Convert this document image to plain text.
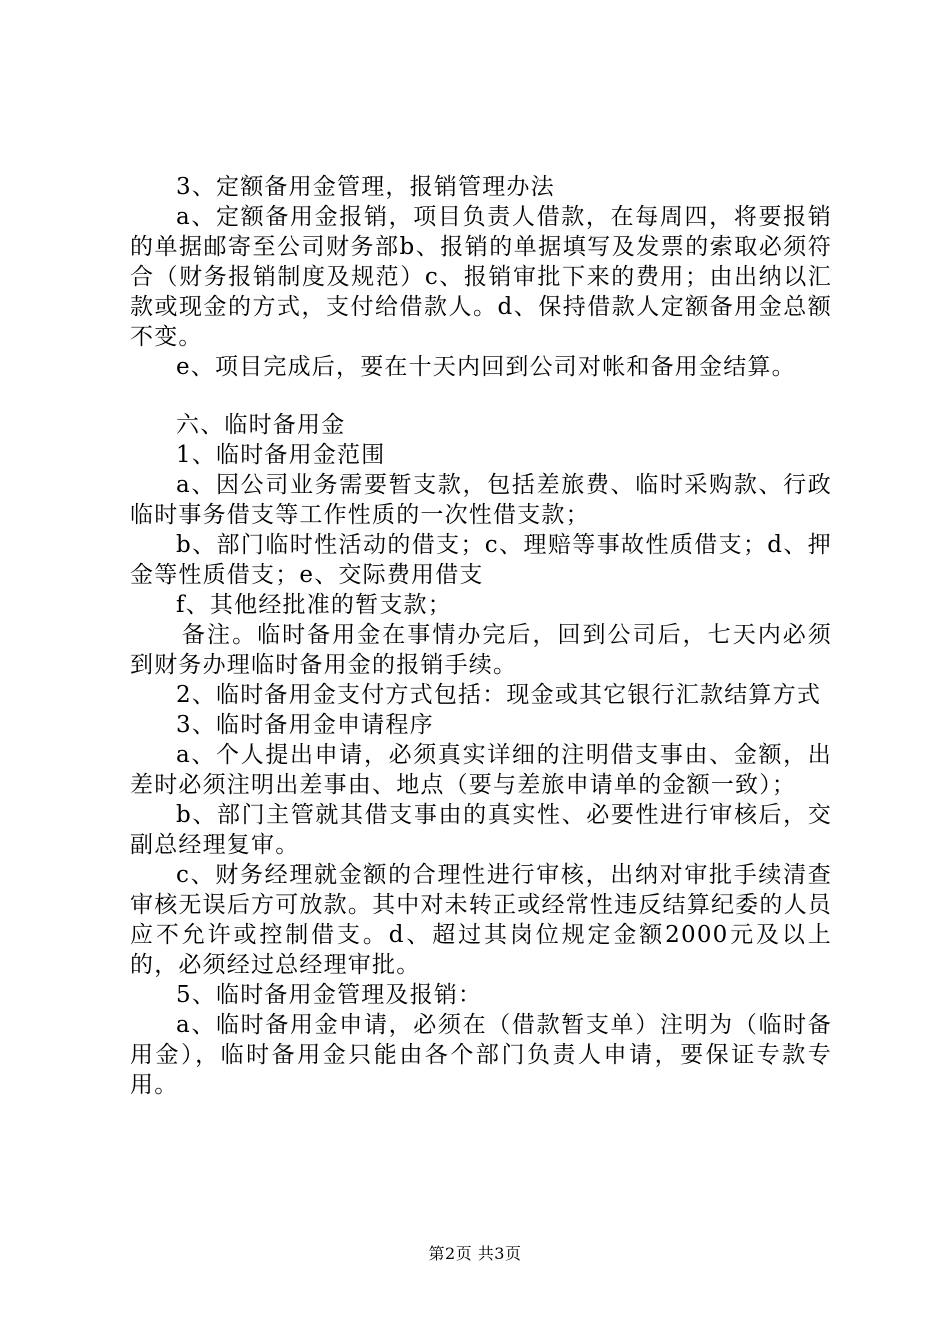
3、定额备用金管理，报销管理办法

a、定额备用金报销，项目负责人借款，在每周四，将要报销的单据邮寄至公司财务部b、报销的单据填写及发票的索取必须符合（财务报销制度及规范）c、报销审批下来的费用；由出纳以汇款或现金的方式，支付给借款人。d、保持借款人定额备用金总额不变。

e、项目完成后，要在十天内回到公司对帐和备用金结算。

六、临时备用金

1、临时备用金范围

a、因公司业务需要暂支款，包括差旅费、临时采购款、行政临时事务借支等工作性质的一次性借支款；

b、部门临时性活动的借支；c、理赔等事故性质借支；d、押金等性质借支；e、交际费用借支

f、其他经批准的暂支款；

备注。临时备用金在事情办完后，回到公司后，七天内必须到财务办理临时备用金的报销手续。

2、临时备用金支付方式包括：现金或其它银行汇款结算方式

3、临时备用金申请程序

a、个人提出申请，必须真实详细的注明借支事由、金额，出差时必须注明出差事由、地点（要与差旅申请单的金额一致）；

b、部门主管就其借支事由的真实性、必要性进行审核后，交副总经理复审。

c、财务经理就金额的合理性进行审核，出纳对审批手续清查审核无误后方可放款。其中对未转正或经常性违反结算纪委的人员应不允许或控制借支。d、超过其岗位规定金额2000元及以上的，必须经过总经理审批。

5、临时备用金管理及报销：

a、临时备用金申请，必须在（借款暂支单）注明为（临时备用金），临时备用金只能由各个部门负责人申请，要保证专款专用。

第2页 共3页
